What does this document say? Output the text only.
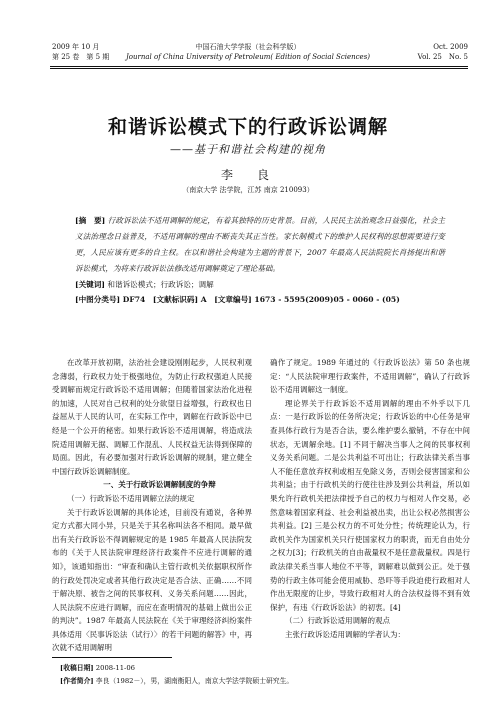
2009 年 10 月
第 25 卷　第 5 期
中国石油大学学报（社会科学版）
Journal of China University of Petroleum( Edition of Social Sciences)
Oct. 2009
Vol. 25　No. 5
和谐诉讼模式下的行政诉讼调解
——基于和谐社会构建的视角
李　良
（南京大学 法学院，江苏 南京 210093）
[摘　要] 行政诉讼法不适用调解的规定，有着其独特的历史背景。目前，人民民主法治观念日益强化，社会主义法治理念日益普及，不适用调解的理由不断丧失其正当性。家长制模式下的维护人民权利的思想需要进行变更，人民应该有更多的自主权。在以和谐社会构建为主题的背景下，2007 年最高人民法院院长肖扬提出和谐诉讼模式，为将来行政诉讼法修改适用调解奠定了理论基础。
[关键词] 和谐诉讼模式；行政诉讼；调解
[中图分类号] DF74　[文献标识码] A　[文章编号] 1673 - 5595(2009)05 - 0060 - (05)

在改革开放初期，法治社会建设刚刚起步，人民权利观念薄弱，行政权力处于极强地位，为防止行政权强迫人民接受调解而规定行政诉讼不适用调解；但随着国家法治化进程的加速，人民对自己权利的处分欲望日益增强，行政权也日益屈从于人民的认可，在实际工作中，调解在行政诉讼中已经是一个公开的秘密。如果行政诉讼不适用调解，将造成法院适用调解无据、调解工作混乱、人民权益无法得到保障的局面。因此，有必要加强对行政诉讼调解的规制，建立健全中国行政诉讼调解制度。

一、关于行政诉讼调解制度的争辩

（一）行政诉讼不适用调解立法的规定

关于行政诉讼调解的具体论述，目前没有通说，各种界定方式都大同小异，只是关于其名称叫法各不相同。最早做出有关行政诉讼不得调解规定的是 1985 年最高人民法院发布的《关于人民法院审理经济行政案件不应进行调解的通知》，该通知指出：“审查和确认主管行政机关依据职权所作的行政处罚决定或者其他行政决定是否合法、正确……不同于解决原、被告之间的民事权利、义务关系问题……因此，人民法院不应进行调解，而应在查明情况的基础上做出公正的判决”。1987 年最高人民法院在《关于审理经济纠纷案件具体适用〈民事诉讼法（试行）〉的若干问题的解答》中，再次就不适用调解明

确作了规定。1989 年通过的《行政诉讼法》第 50 条也规定：“人民法院审理行政案件，不适用调解”，确认了行政诉讼不适用调解这一制度。

理论界关于行政诉讼不适用调解的理由不外乎以下几点：一是行政诉讼的任务所决定；行政诉讼的中心任务是审查具体行政行为是否合法，要么维护要么撤销，不存在中间状态，无调解余地。[1] 不同于解决当事人之间的民事权利义务关系问题。二是公共利益不可出让；行政法律关系当事人不能任意放弃权利或相互免除义务，否则会侵害国家和公共利益；由于行政机关的行使往往涉及到公共利益，所以如果允许行政机关把法律授予自己的权力与相对人作交易，必然意味着国家利益、社会利益被出卖，出让公权必然损害公共利益。[2] 三是公权力的不可处分性；传统理论认为，行政机关作为国家机关只行使国家权力的职责，而无自由处分之权力[3]；行政机关的自由裁量权不是任意裁量权。四是行政法律关系当事人地位不平等，调解难以做到公正。处于强势的行政主体可能会使用威胁、恐吓等手段迫使行政相对人作出无限度的让步，导致行政相对人的合法权益得不到有效保护，有违《行政诉讼法》的初衷。[4]

（二）行政诉讼适用调解的观点

主张行政诉讼适用调解的学者认为：

[收稿日期] 2008-11-06
[作者简介] 李良（1982－），男，湖南衡阳人，南京大学法学院硕士研究生。
